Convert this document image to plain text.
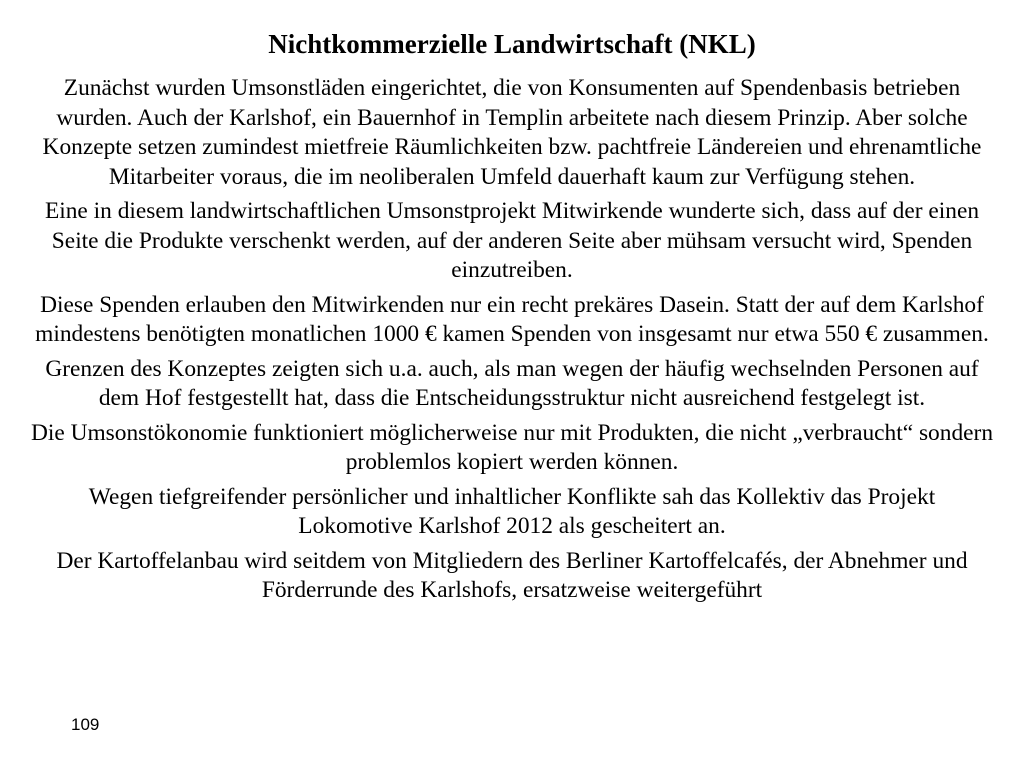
Nichtkommerzielle Landwirtschaft (NKL)

Zunächst wurden Umsonstläden eingerichtet, die von Konsumenten auf Spendenbasis betrieben wurden. Auch der Karlshof, ein Bauernhof in Templin arbeitete nach diesem Prinzip. Aber solche Konzepte setzen zumindest mietfreie Räumlichkeiten bzw. pachtfreie Ländereien und ehrenamtliche Mitarbeiter voraus, die im neoliberalen Umfeld dauerhaft kaum zur Verfügung stehen.

Eine in diesem landwirtschaftlichen Umsonstprojekt Mitwirkende wunderte sich, dass auf der einen Seite die Produkte verschenkt werden, auf der anderen Seite aber mühsam versucht wird, Spenden einzutreiben.

Diese Spenden erlauben den Mitwirkenden nur ein recht prekäres Dasein. Statt der auf dem Karlshof mindestens benötigten monatlichen 1000 € kamen Spenden von insgesamt nur etwa 550 € zusammen.

Grenzen des Konzeptes zeigten sich u.a. auch, als man wegen der häufig wechselnden Personen auf dem Hof festgestellt hat, dass die Entscheidungsstruktur nicht ausreichend festgelegt ist.

Die Umsonstökonomie funktioniert möglicherweise nur mit Produkten, die nicht „verbraucht“ sondern problemlos kopiert werden können.

Wegen tiefgreifender persönlicher und inhaltlicher Konflikte sah das Kollektiv das Projekt Lokomotive Karlshof 2012 als gescheitert an.

Der Kartoffelanbau wird seitdem von Mitgliedern des Berliner Kartoffelcafés, der Abnehmer und Förderrunde des Karlshofs, ersatzweise weitergeführt

109
